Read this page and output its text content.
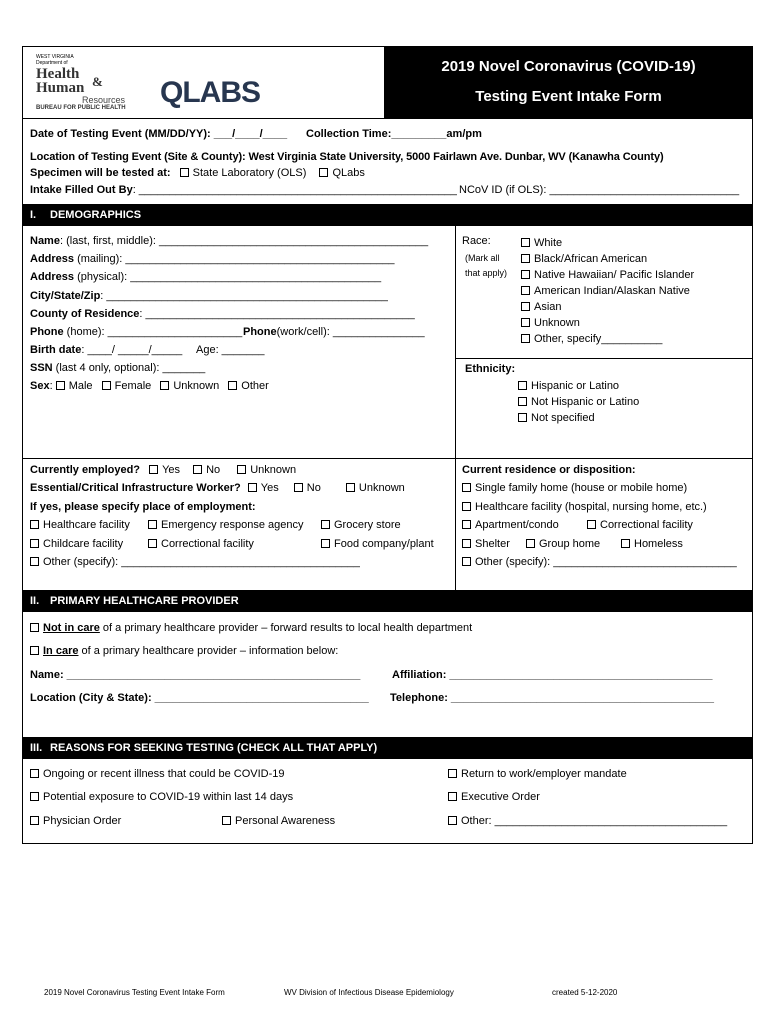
WEST VIRGINIA Department of
Health &
Human
Resources
BUREAU FOR PUBLIC HEALTH QLABS
2019 Novel Coronavirus (COVID-19)
Testing Event Intake Form
Date of Testing Event (MM/DD/YY): ___/____/____ Collection Time:_________am/pm
Location of Testing Event (Site & County): West Virginia State University, 5000 Fairlawn Ave. Dunbar, WV (Kanawha County)
Specimen will be tested at: State Laboratory (OLS) QLabs
Intake Filled Out By: ____________________________________________________ NCoV ID (if OLS): _______________________________
I. DEMOGRAPHICS
Name: (last, first, middle): ____________________________________________
Address (mailing): ____________________________________________
Address (physical): _________________________________________
City/State/Zip: ______________________________________________
County of Residence: ____________________________________________
Phone (home): ______________________ Phone(work/cell): _______________
Birth date: ____/ _____/_____ Age: _______
SSN (last 4 only, optional): _______
Sex: Male Female Unknown Other
Race:
(Mark all
that apply)
White
Black/African American
Native Hawaiian/ Pacific Islander
American Indian/Alaskan Native
Asian
Unknown
Other, specify__________
Ethnicity:
Hispanic or Latino
Not Hispanic or Latino
Not specified
Currently employed? Yes No	Unknown
Essential/Critical Infrastructure Worker? Yes	No	Unknown
If yes, please specify place of employment:
Healthcare facility	Emergency response agency	Grocery store
Childcare facility	Correctional facility	Food company/plant
Other (specify): _______________________________________
Current residence or disposition:
Single family home (house or mobile home)
Healthcare facility (hospital, nursing home, etc.)
Apartment/condo	Correctional facility
Shelter	Group home	Homeless
Other (specify): ______________________________
II. PRIMARY HEALTHCARE PROVIDER
Not in care of a primary healthcare provider – forward results to local health department
In care of a primary healthcare provider – information below:
Name: ________________________________________________	Affiliation: ___________________________________________
Location (City & State): ___________________________________ Telephone: ___________________________________________
III. REASONS FOR SEEKING TESTING (CHECK ALL THAT APPLY)
Ongoing or recent illness that could be COVID-19	Return to work/employer mandate
Potential exposure to COVID-19 within last 14 days	Executive Order
Physician Order	Personal Awareness	Other: ______________________________________
2019 Novel Coronavirus Testing Event Intake Form	WV Division of Infectious Disease Epidemiology	created 5-12-2020
